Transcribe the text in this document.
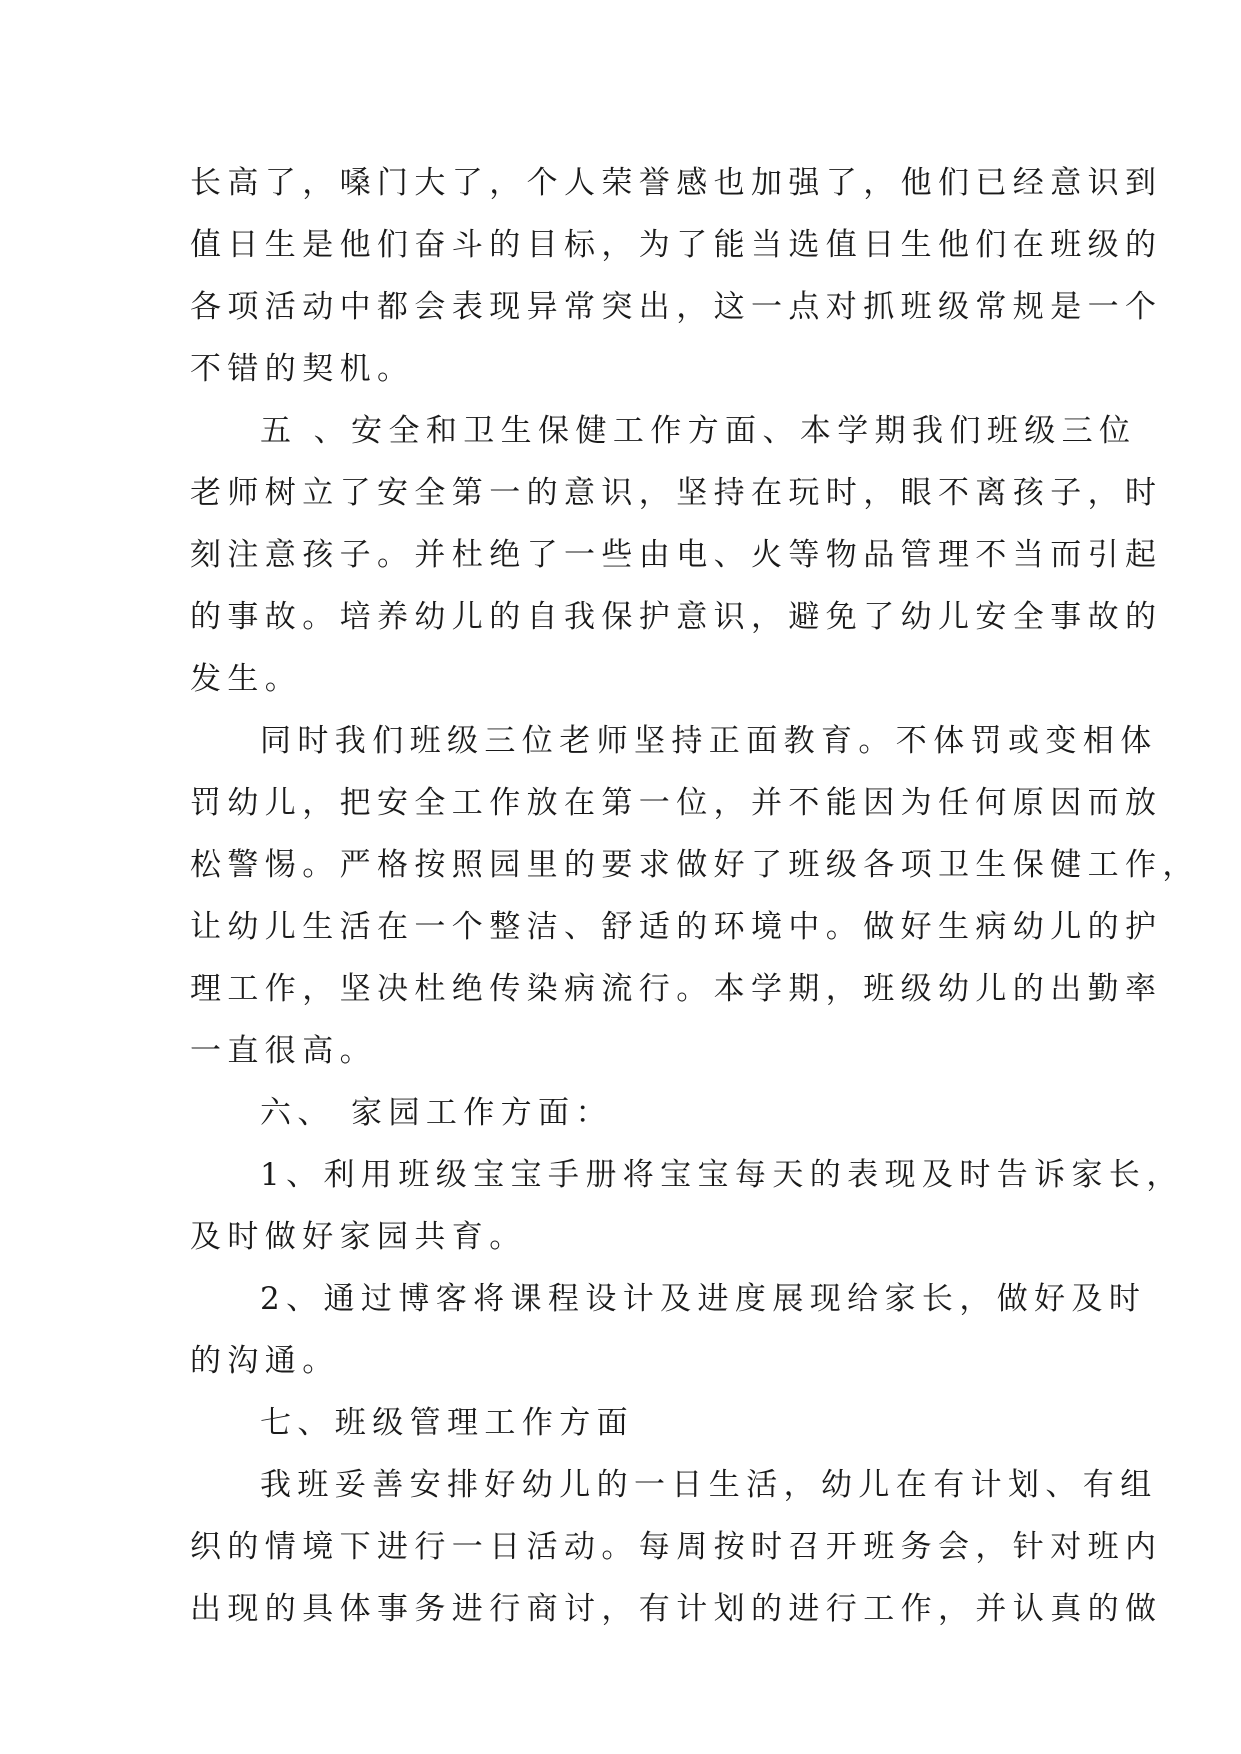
长高了，嗓门大了，个人荣誉感也加强了，他们已经意识到
值日生是他们奋斗的目标，为了能当选值日生他们在班级的
各项活动中都会表现异常突出，这一点对抓班级常规是一个
不错的契机。
五 、安全和卫生保健工作方面、本学期我们班级三位
老师树立了安全第一的意识，坚持在玩时，眼不离孩子，时
刻注意孩子。并杜绝了一些由电、火等物品管理不当而引起
的事故。培养幼儿的自我保护意识，避免了幼儿安全事故的
发生。
同时我们班级三位老师坚持正面教育。不体罚或变相体
罚幼儿，把安全工作放在第一位，并不能因为任何原因而放
松警惕。严格按照园里的要求做好了班级各项卫生保健工作，
让幼儿生活在一个整洁、舒适的环境中。做好生病幼儿的护
理工作，坚决杜绝传染病流行。本学期，班级幼儿的出勤率
一直很高。
六、 家园工作方面：
1、利用班级宝宝手册将宝宝每天的表现及时告诉家长，
及时做好家园共育。
2、通过博客将课程设计及进度展现给家长，做好及时
的沟通。
七、班级管理工作方面
我班妥善安排好幼儿的一日生活，幼儿在有计划、有组
织的情境下进行一日活动。每周按时召开班务会，针对班内
出现的具体事务进行商讨，有计划的进行工作，并认真的做
